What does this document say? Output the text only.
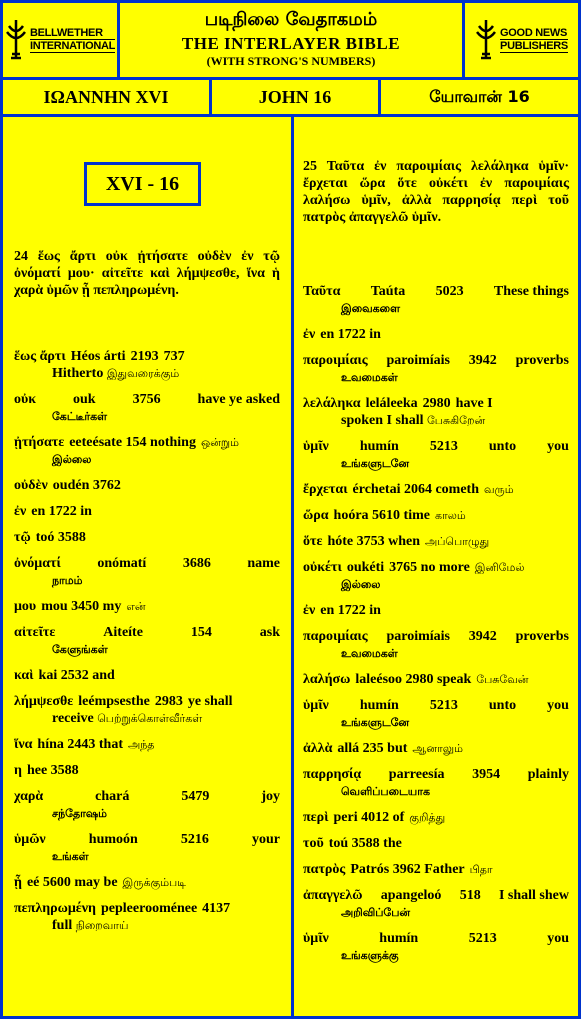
BELLWETHER
INTERNATIONAL
படிநிலை வேதாகமம்
THE INTERLAYER BIBLE
(WITH STRONG'S NUMBERS)
GOOD NEWS
PUBLISHERS
ΙΩΑΝΝΗΝ XVI	JOHN 16	யோவான் 16
XVI - 16
24 ἕως ἄρτι οὐκ ᾐτήσατε οὐδὲν ἐν τῷ ὀνόματί μου· αἰτεῖτε καὶ λήμψεσθε, ἵνα ἡ χαρὰ ὑμῶν ᾖ πεπληρωμένη.
25 Ταῦτα ἐν παροιμίαις λελάληκα ὑμῖν· ἔρχεται ὥρα ὅτε οὐκέτι ἐν παροιμίαις λαλήσω ὑμῖν, ἀλλὰ παρρησίᾳ περὶ τοῦ πατρὸς ἀπαγγελῶ ὑμῖν.
ἕως ἄρτι Héos árti 2193 737
Hitherto இதுவரைக்கும்
οὐκ	ouk	3756	have ye asked
கேட்டீர்கள்
ᾐτήσατε eeteésate 154 nothing ஒன்றும்
இல்லை
οὐδὲν oudén 3762
ἐν en 1722 in
τῷ toó 3588
ὀνόματί	onómatí	3686	name
நாமம்
μου mou 3450 my என்
αἰτεῖτε	Aiteíte	154	ask
கேளுங்கள்
καὶ kai 2532 and
λήμψεσθε leémpsesthe 2983 ye shall
receive பெற்றுக்கொள்வீர்கள்
ἵνα hína 2443 that அந்த
η hee 3588
χαρὰ	chará	5479	joy
சந்தோஷம்
ὑμῶν	humoón	5216	your
உங்கள்
ᾖ eé 5600 may be இருக்கும்படி
πεπληρωμένη pepleerooménee 4137
full நிறைவாய்
Ταῦτα Taúta 5023 These things
இவைகளை
ἐν en 1722 in
παροιμίαις paroimíais 3942 proverbs
உவமைகள்
λελάληκα leláleeka 2980 have I
spoken I shall பேசுகிறேன்
ὑμῖν humín 5213 unto you
உங்களுடனே
ἔρχεται érchetai 2064 cometh வரும்
ὥρα hoóra 5610 time காலம்
ὅτε hóte 3753 when அப்பொழுது
οὐκέτι oukéti 3765 no more இனிமேல்
இல்லை
ἐν en 1722 in
παροιμίαις paroimíais 3942 proverbs
உவமைகள்
λαλήσω laleésoo 2980 speak பேசுவேன்
ὑμῖν humín 5213 unto you
உங்களுடனே
ἀλλὰ allá 235 but ஆனாலும்
παρρησίᾳ parreesía 3954 plainly
வெளிப்படையாக
περὶ peri 4012 of குறித்து
τοῦ toú 3588 the
πατρὸς Patrós 3962 Father பிதா
ἀπαγγελῶ apangeloó 518 I shall shew
அறிவிப்பேன்
ὑμῖν	humín	5213	you
உங்களுக்கு
